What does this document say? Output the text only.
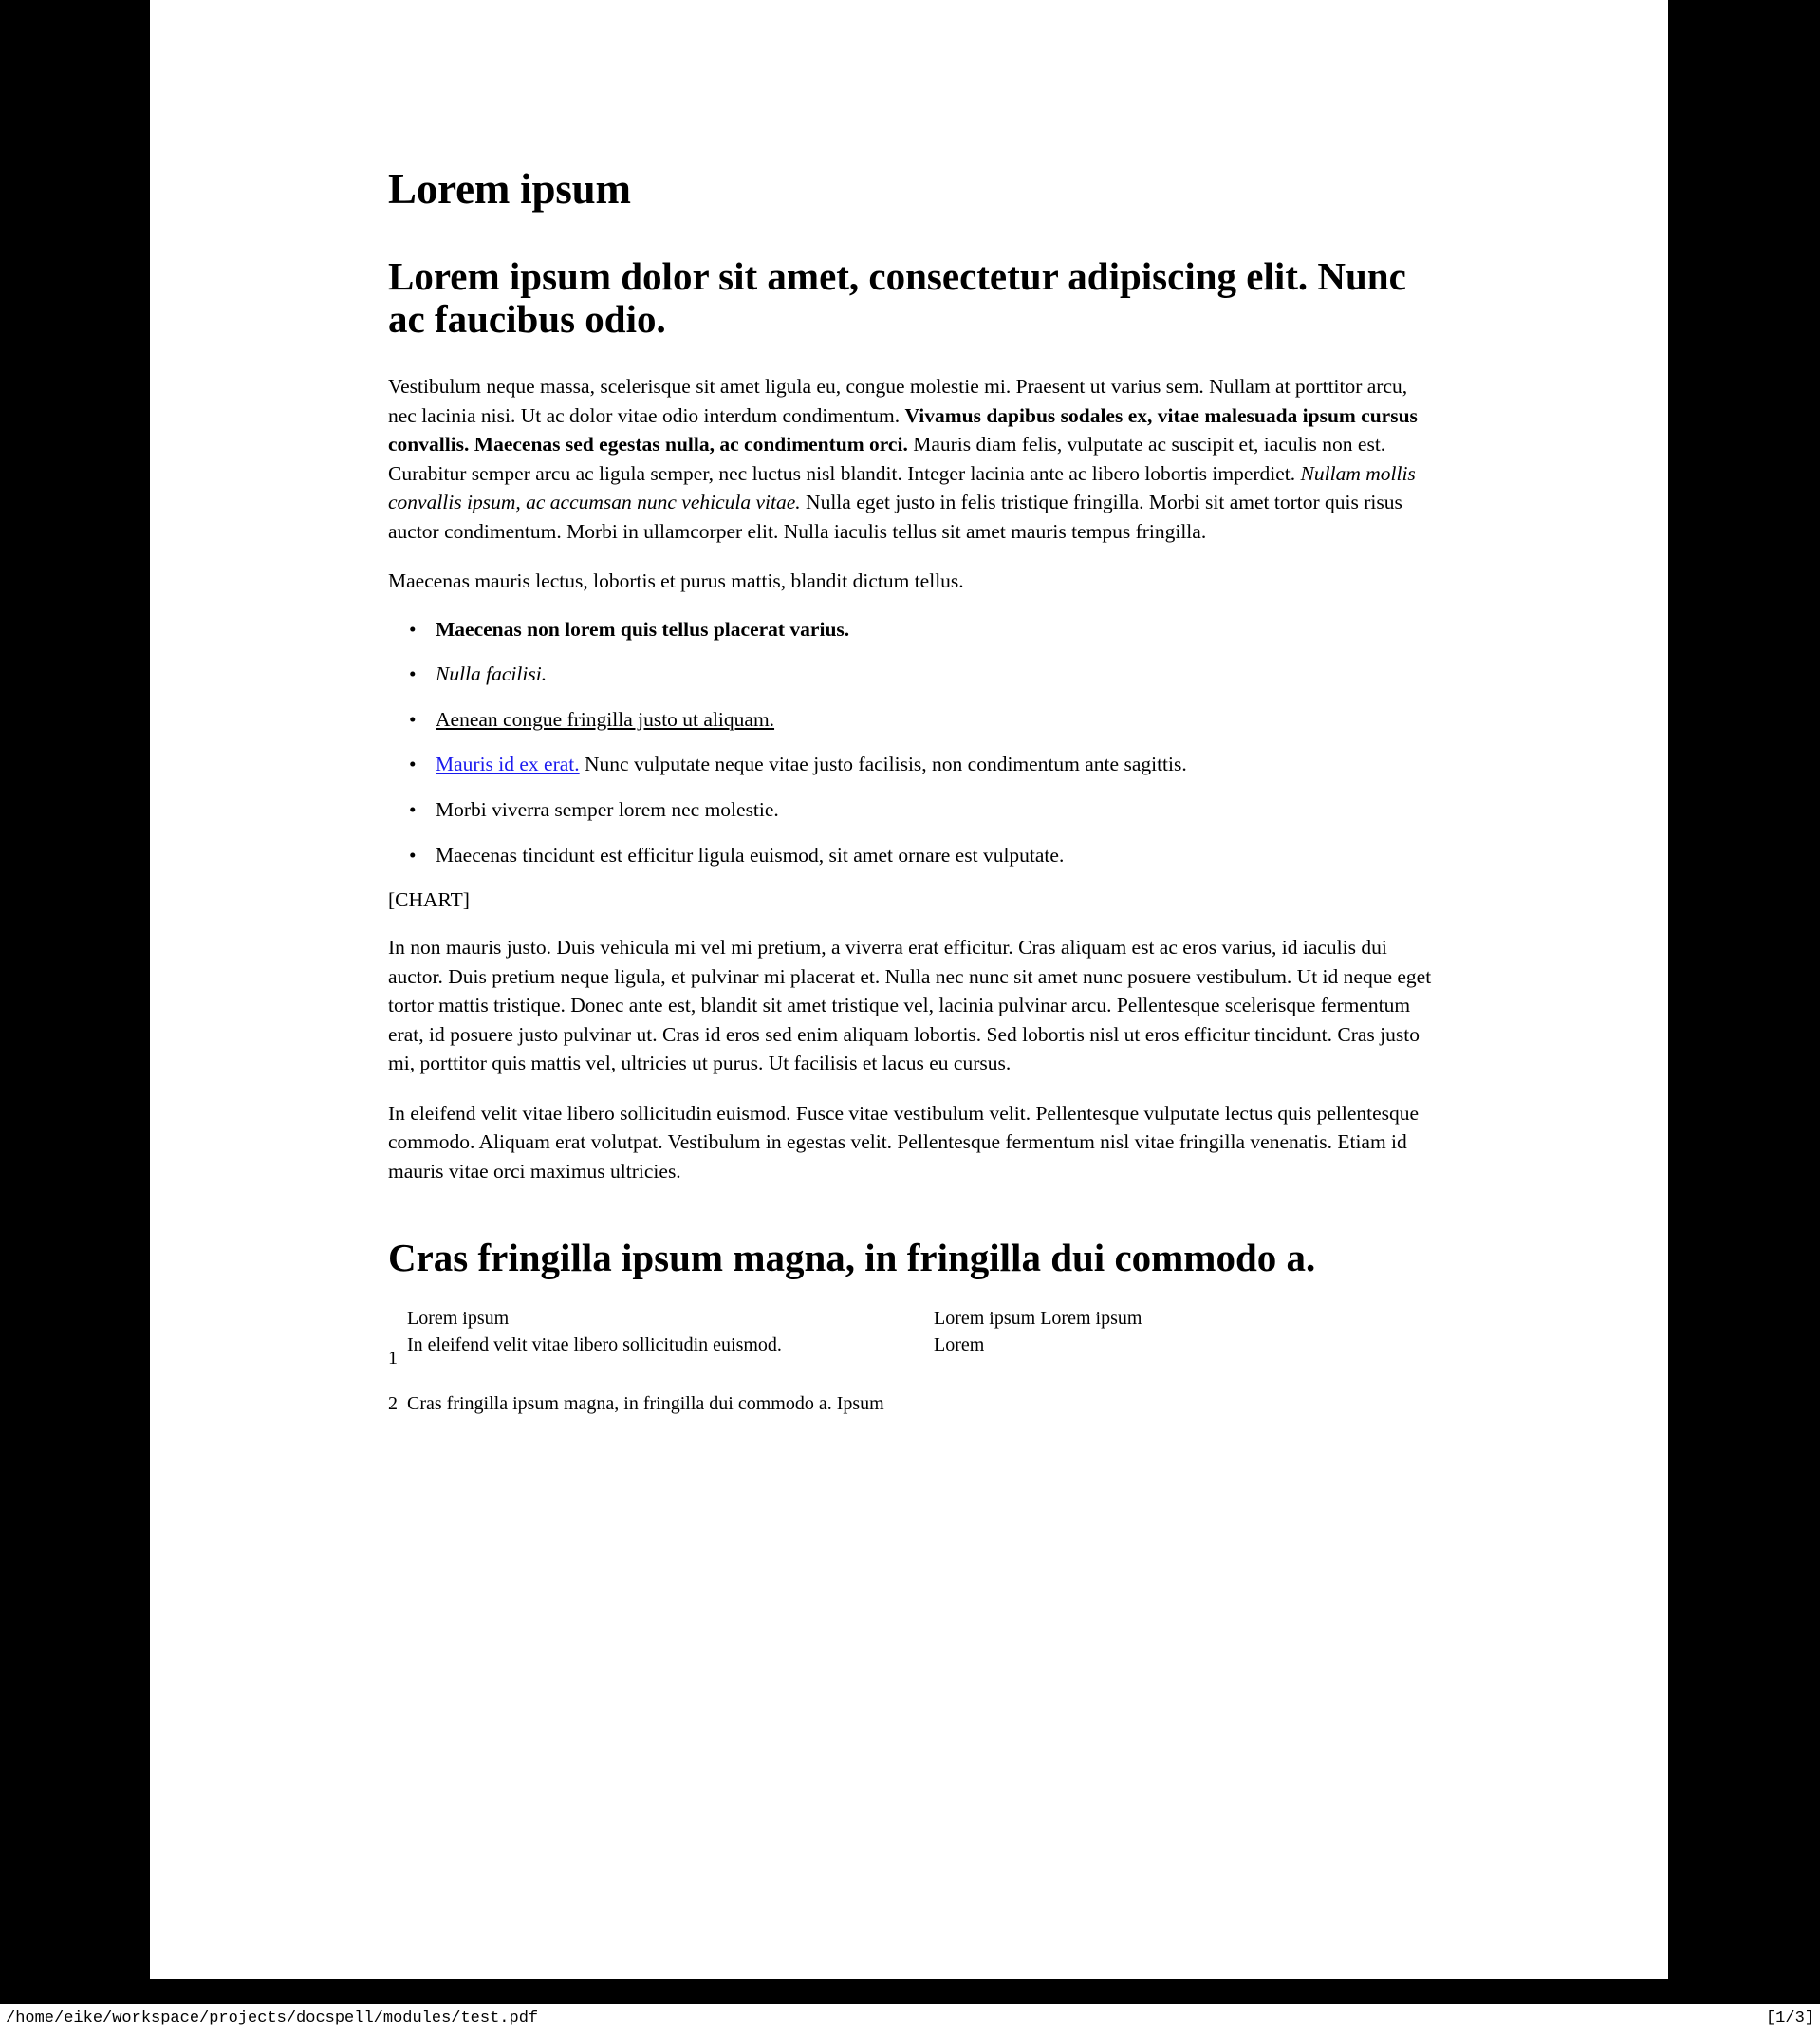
Lorem ipsum
Lorem ipsum dolor sit amet, consectetur adipiscing elit. Nunc ac faucibus odio.

Vestibulum neque massa, scelerisque sit amet ligula eu, congue molestie mi. Praesent ut varius sem. Nullam at porttitor arcu, nec lacinia nisi. Ut ac dolor vitae odio interdum condimentum. Vivamus dapibus sodales ex, vitae malesuada ipsum cursus convallis. Maecenas sed egestas nulla, ac condimentum orci. Mauris diam felis, vulputate ac suscipit et, iaculis non est. Curabitur semper arcu ac ligula semper, nec luctus nisl blandit. Integer lacinia ante ac libero lobortis imperdiet. Nullam mollis convallis ipsum, ac accumsan nunc vehicula vitae. Nulla eget justo in felis tristique fringilla. Morbi sit amet tortor quis risus auctor condimentum. Morbi in ullamcorper elit. Nulla iaculis tellus sit amet mauris tempus fringilla.

Maecenas mauris lectus, lobortis et purus mattis, blandit dictum tellus.

• Maecenas non lorem quis tellus placerat varius.
• Nulla facilisi.
• Aenean congue fringilla justo ut aliquam.
• Mauris id ex erat. Nunc vulputate neque vitae justo facilisis, non condimentum ante sagittis.
• Morbi viverra semper lorem nec molestie.
• Maecenas tincidunt est efficitur ligula euismod, sit amet ornare est vulputate.
[CHART]

In non mauris justo. Duis vehicula mi vel mi pretium, a viverra erat efficitur. Cras aliquam est ac eros varius, id iaculis dui auctor. Duis pretium neque ligula, et pulvinar mi placerat et. Nulla nec nunc sit amet nunc posuere vestibulum. Ut id neque eget tortor mattis tristique. Donec ante est, blandit sit amet tristique vel, lacinia pulvinar arcu. Pellentesque scelerisque fermentum erat, id posuere justo pulvinar ut. Cras id eros sed enim aliquam lobortis. Sed lobortis nisl ut eros efficitur tincidunt. Cras justo mi, porttitor quis mattis vel, ultricies ut purus. Ut facilisis et lacus eu cursus.

In eleifend velit vitae libero sollicitudin euismod. Fusce vitae vestibulum velit. Pellentesque vulputate lectus quis pellentesque commodo. Aliquam erat volutpat. Vestibulum in egestas velit. Pellentesque fermentum nisl vitae fringilla venenatis. Etiam id mauris vitae orci maximus ultricies.

Cras fringilla ipsum magna, in fringilla dui commodo a.
Lorem ipsum
1
In eleifend velit vitae libero sollicitudin euismod.
Lorem ipsum Lorem ipsum
Lorem
2 Cras fringilla ipsum magna, in fringilla dui commodo a. Ipsum
/home/eike/workspace/projects/docspell/modules/test.pdf	[1/3]
